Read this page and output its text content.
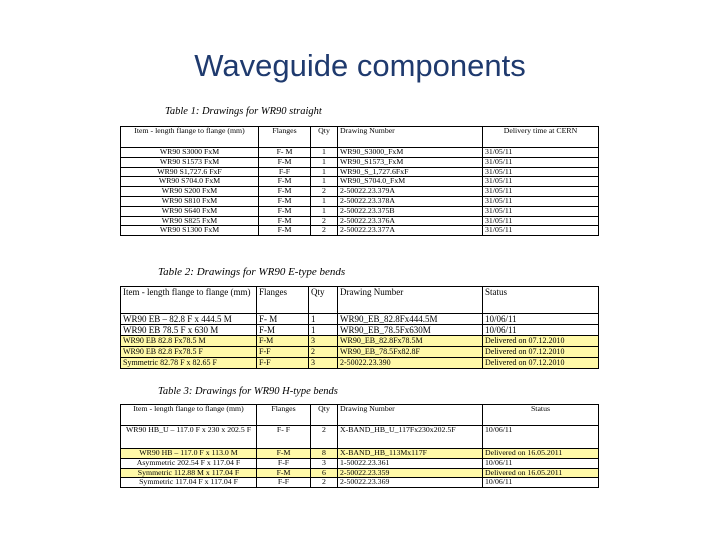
Waveguide components
Table 1: Drawings for WR90 straight
Item - length flange to flange (mm)	Flanges	Qty	Drawing Number	Delivery time at CERN
WR90 S3000 FxM	F- M	1	WR90_S3000_FxM	31/05/11
WR90 S1573 FxM	F-M	1	WR90_S1573_FxM	31/05/11
WR90 S1,727.6 FxF	F-F	1	WR90_S_1,727.6FxF	31/05/11
WR90 S704.0 FxM	F-M	1	WR90_S704.0_FxM	31/05/11
WR90 S200 FxM	F-M	2	2-50022.23.379A	31/05/11
WR90 S810 FxM	F-M	1	2-50022.23.378A	31/05/11
WR90 S640 FxM	F-M	1	2-50022.23.375B	31/05/11
WR90 S825 FxM	F-M	2	2-50022.23.376A	31/05/11
WR90 S1300 FxM	F-M	2	2-50022.23.377A	31/05/11
Table 2: Drawings for WR90 E-type bends
Item - length flange to flange (mm)	Flanges	Qty	Drawing Number	Status
WR90 EB – 82.8 F x 444.5 M	F- M	1	WR90_EB_82.8Fx444.5M	10/06/11
WR90 EB 78.5 F x 630 M	F-M	1	WR90_EB_78.5Fx630M	10/06/11
WR90 EB 82.8 Fx78.5 M	F-M	3	WR90_EB_82.8Fx78.5M	Delivered on 07.12.2010
WR90 EB 82.8 Fx78.5 F	F-F	2	WR90_EB_78.5Fx82.8F	Delivered on 07.12.2010
Symmetric 82.78 F x 82.65 F	F-F	3	2-50022.23.390	Delivered on 07.12.2010
Table 3: Drawings for WR90 H-type bends
Item - length flange to flange (mm)	Flanges	Qty	Drawing Number	Status
WR90 HB_U – 117.0 F x 230 x 202.5 F	F- F	2	X-BAND_HB_U_117Fx230x202.5F	10/06/11
WR90 HB – 117.0 F x 113.0 M	F-M	8	X-BAND_HB_113Mx117F	Delivered on 16.05.2011
Asymmetric 202.54 F x 117.04 F	F-F	3	1-50022.23.361	10/06/11
Symmetric 112.88 M x 117.04 F	F-M	6	2-50022.23.359	Delivered on 16.05.2011
Symmetric 117.04 F x 117.04 F	F-F	2	2-50022.23.369	10/06/11
